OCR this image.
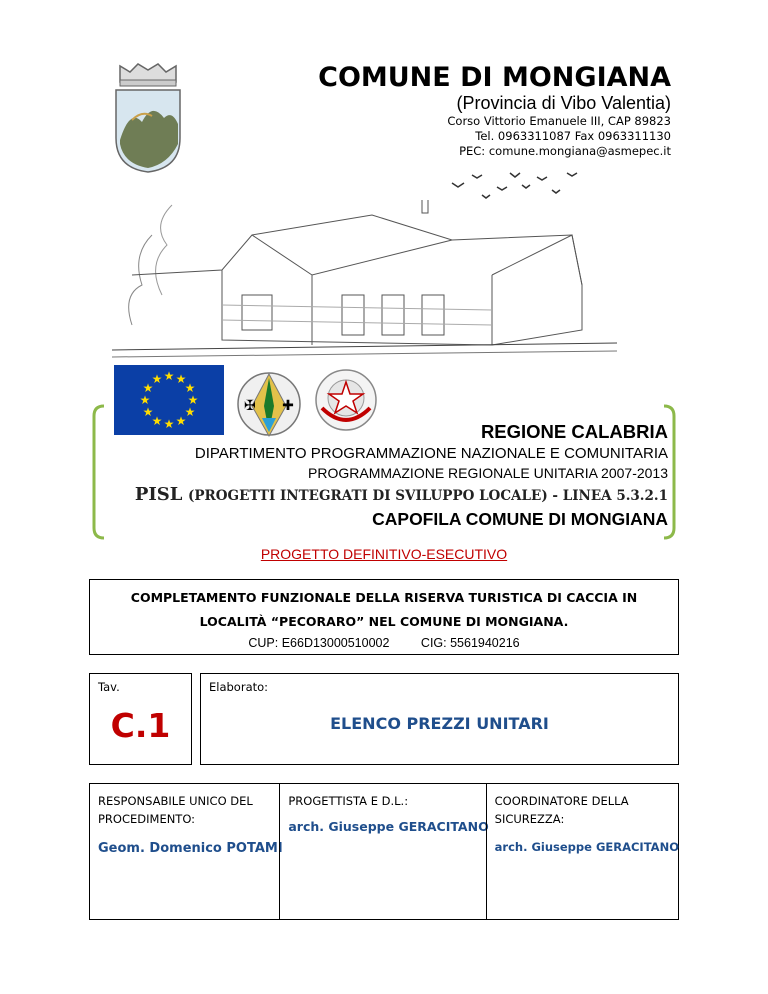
COMUNE DI MONGIANA
(Provincia di Vibo Valentia)
Corso Vittorio Emanuele III, CAP 89823
Tel. 0963311087 Fax 0963311130
PEC: comune.mongiana@asmepec.it
★ ★
★
★
★
★
★
★
★
★
★
★
✠ ✚
REGIONE CALABRIA
DIPARTIMENTO PROGRAMMAZIONE NAZIONALE E COMUNITARIA
PROGRAMMAZIONE REGIONALE UNITARIA 2007-2013
PISL (PROGETTI INTEGRATI DI SVILUPPO LOCALE) - LINEA 5.3.2.1
CAPOFILA COMUNE DI MONGIANA
PROGETTO DEFINITIVO-ESECUTIVO
COMPLETAMENTO FUNZIONALE DELLA RISERVA TURISTICA DI CACCIA IN
LOCALITÀ “PECORARO” NEL COMUNE DI MONGIANA.
CUP: E66D13000510002	CIG: 5561940216
Tav.
C.1
Elaborato:
ELENCO PREZZI UNITARI
RESPONSABILE UNICO DEL
PROCEDIMENTO:
Geom. Domenico POTAMI
PROGETTISTA E D.L.:
arch. Giuseppe GERACITANO
COORDINATORE DELLA
SICUREZZA:
arch. Giuseppe GERACITANO
